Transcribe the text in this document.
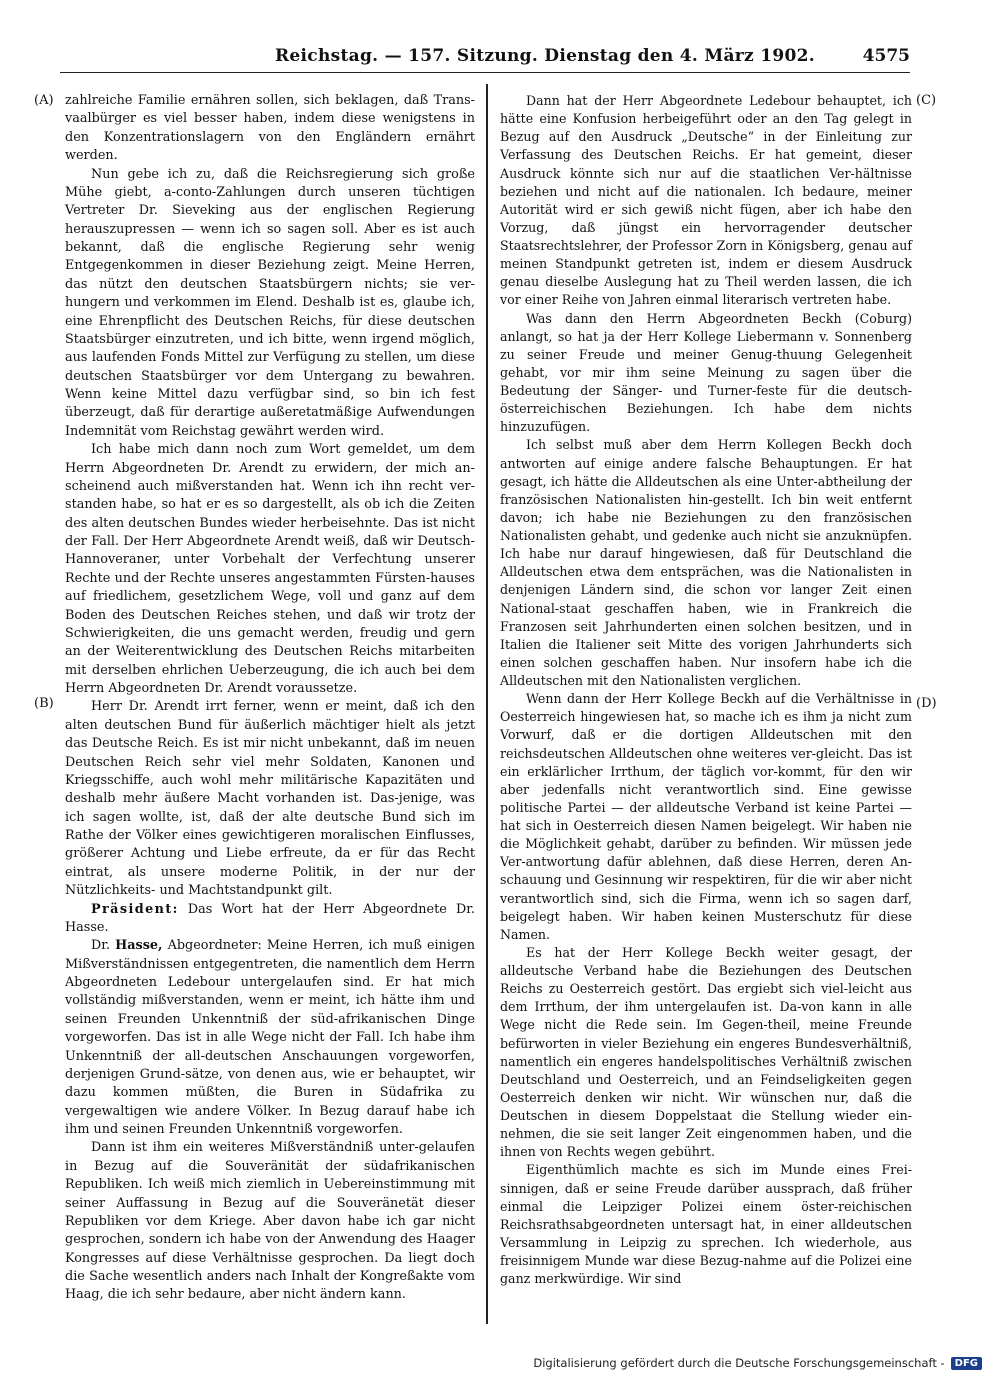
Reichstag. — 157. Sitzung. Dienstag den 4. März 1902.	4575
(A)
(B)
(C)
(D)

zahlreiche Familie ernähren sollen, sich beklagen, daß Trans-vaalbürger es viel besser haben, indem diese wenigstens in den Konzentrationslagern von den Engländern ernährt werden.

Nun gebe ich zu, daß die Reichsregierung sich große Mühe giebt, a-conto-Zahlungen durch unseren tüchtigen Vertreter Dr. Sieveking aus der englischen Regierung herauszupressen — wenn ich so sagen soll. Aber es ist auch bekannt, daß die englische Regierung sehr wenig Entgegenkommen in dieser Beziehung zeigt. Meine Herren, das nützt den deutschen Staatsbürgern nichts; sie ver-hungern und verkommen im Elend. Deshalb ist es, glaube ich, eine Ehrenpflicht des Deutschen Reichs, für diese deutschen Staatsbürger einzutreten, und ich bitte, wenn irgend möglich, aus laufenden Fonds Mittel zur Verfügung zu stellen, um diese deutschen Staatsbürger vor dem Untergang zu bewahren. Wenn keine Mittel dazu verfügbar sind, so bin ich fest überzeugt, daß für derartige außeretatmäßige Aufwendungen Indemnität vom Reichstag gewährt werden wird.

Ich habe mich dann noch zum Wort gemeldet, um dem Herrn Abgeordneten Dr. Arendt zu erwidern, der mich an-scheinend auch mißverstanden hat. Wenn ich ihn recht ver-standen habe, so hat er es so dargestellt, als ob ich die Zeiten des alten deutschen Bundes wieder herbeisehnte. Das ist nicht der Fall. Der Herr Abgeordnete Arendt weiß, daß wir Deutsch-Hannoveraner, unter Vorbehalt der Verfechtung unserer Rechte und der Rechte unseres angestammten Fürsten-hauses auf friedlichem, gesetzlichem Wege, voll und ganz auf dem Boden des Deutschen Reiches stehen, und daß wir trotz der Schwierigkeiten, die uns gemacht werden, freudig und gern an der Weiterentwicklung des Deutschen Reichs mitarbeiten mit derselben ehrlichen Ueberzeugung, die ich auch bei dem Herrn Abgeordneten Dr. Arendt voraussetze.

Herr Dr. Arendt irrt ferner, wenn er meint, daß ich den alten deutschen Bund für äußerlich mächtiger hielt als jetzt das Deutsche Reich. Es ist mir nicht unbekannt, daß im neuen Deutschen Reich sehr viel mehr Soldaten, Kanonen und Kriegsschiffe, auch wohl mehr militärische Kapazitäten und deshalb mehr äußere Macht vorhanden ist. Das-jenige, was ich sagen wollte, ist, daß der alte deutsche Bund sich im Rathe der Völker eines gewichtigeren moralischen Einflusses, größerer Achtung und Liebe erfreute, da er für das Recht eintrat, als unsere moderne Politik, in der nur der Nützlichkeits- und Machtstandpunkt gilt.

Präsident: Das Wort hat der Herr Abgeordnete Dr. Hasse.

Dr. Hasse, Abgeordneter: Meine Herren, ich muß einigen Mißverständnissen entgegentreten, die namentlich dem Herrn Abgeordneten Ledebour untergelaufen sind. Er hat mich vollständig mißverstanden, wenn er meint, ich hätte ihm und seinen Freunden Unkenntniß der süd-afrikanischen Dinge vorgeworfen. Das ist in alle Wege nicht der Fall. Ich habe ihm Unkenntniß der all-deutschen Anschauungen vorgeworfen, derjenigen Grund-sätze, von denen aus, wie er behauptet, wir dazu kommen müßten, die Buren in Südafrika zu vergewaltigen wie andere Völker. In Bezug darauf habe ich ihm und seinen Freunden Unkenntniß vorgeworfen.

Dann ist ihm ein weiteres Mißverständniß unter-gelaufen in Bezug auf die Souveränität der südafrikanischen Republiken. Ich weiß mich ziemlich in Uebereinstimmung mit seiner Auffassung in Bezug auf die Souveränetät dieser Republiken vor dem Kriege. Aber davon habe ich gar nicht gesprochen, sondern ich habe von der Anwendung des Haager Kongresses auf diese Verhältnisse gesprochen. Da liegt doch die Sache wesentlich anders nach Inhalt der Kongreßakte vom Haag, die ich sehr bedaure, aber nicht ändern kann.

Dann hat der Herr Abgeordnete Ledebour behauptet, ich hätte eine Konfusion herbeigeführt oder an den Tag gelegt in Bezug auf den Ausdruck „Deutsche“ in der Einleitung zur Verfassung des Deutschen Reichs. Er hat gemeint, dieser Ausdruck könnte sich nur auf die staatlichen Ver-hältnisse beziehen und nicht auf die nationalen. Ich bedaure, meiner Autorität wird er sich gewiß nicht fügen, aber ich habe den Vorzug, daß jüngst ein hervorragender deutscher Staatsrechtslehrer, der Professor Zorn in Königsberg, genau auf meinen Standpunkt getreten ist, indem er diesem Ausdruck genau dieselbe Auslegung hat zu Theil werden lassen, die ich vor einer Reihe von Jahren einmal literarisch vertreten habe.

Was dann den Herrn Abgeordneten Beckh (Coburg) anlangt, so hat ja der Herr Kollege Liebermann v. Sonnenberg zu seiner Freude und meiner Genug-thuung Gelegenheit gehabt, vor mir ihm seine Meinung zu sagen über die Bedeutung der Sänger- und Turner-feste für die deutsch-österreichischen Beziehungen. Ich habe dem nichts hinzuzufügen.

Ich selbst muß aber dem Herrn Kollegen Beckh doch antworten auf einige andere falsche Behauptungen. Er hat gesagt, ich hätte die Alldeutschen als eine Unter-abtheilung der französischen Nationalisten hin-gestellt. Ich bin weit entfernt davon; ich habe nie Beziehungen zu den französischen Nationalisten gehabt, und gedenke auch nicht sie anzuknüpfen. Ich habe nur darauf hingewiesen, daß für Deutschland die Alldeutschen etwa dem entsprächen, was die Nationalisten in denjenigen Ländern sind, die schon vor langer Zeit einen National-staat geschaffen haben, wie in Frankreich die Franzosen seit Jahrhunderten einen solchen besitzen, und in Italien die Italiener seit Mitte des vorigen Jahrhunderts sich einen solchen geschaffen haben. Nur insofern habe ich die Alldeutschen mit den Nationalisten verglichen.

Wenn dann der Herr Kollege Beckh auf die Verhältnisse in Oesterreich hingewiesen hat, so mache ich es ihm ja nicht zum Vorwurf, daß er die dortigen Alldeutschen mit den reichsdeutschen Alldeutschen ohne weiteres ver-gleicht. Das ist ein erklärlicher Irrthum, der täglich vor-kommt, für den wir aber jedenfalls nicht verantwortlich sind. Eine gewisse politische Partei — der alldeutsche Verband ist keine Partei — hat sich in Oesterreich diesen Namen beigelegt. Wir haben nie die Möglichkeit gehabt, darüber zu befinden. Wir müssen jede Ver-antwortung dafür ablehnen, daß diese Herren, deren An-schauung und Gesinnung wir respektiren, für die wir aber nicht verantwortlich sind, sich die Firma, wenn ich so sagen darf, beigelegt haben. Wir haben keinen Musterschutz für diese Namen.

Es hat der Herr Kollege Beckh weiter gesagt, der alldeutsche Verband habe die Beziehungen des Deutschen Reichs zu Oesterreich gestört. Das ergiebt sich viel-leicht aus dem Irrthum, der ihm untergelaufen ist. Da-von kann in alle Wege nicht die Rede sein. Im Gegen-theil, meine Freunde befürworten in vieler Beziehung ein engeres Bundesverhältniß, namentlich ein engeres handelspolitisches Verhältniß zwischen Deutschland und Oesterreich, und an Feindseligkeiten gegen Oesterreich denken wir nicht. Wir wünschen nur, daß die Deutschen in diesem Doppelstaat die Stellung wieder ein-nehmen, die sie seit langer Zeit eingenommen haben, und die ihnen von Rechts wegen gebührt.

Eigenthümlich machte es sich im Munde eines Frei-sinnigen, daß er seine Freude darüber aussprach, daß früher einmal die Leipziger Polizei einem öster-reichischen Reichsrathsabgeordneten untersagt hat, in einer alldeutschen Versammlung in Leipzig zu sprechen. Ich wiederhole, aus freisinnigem Munde war diese Bezug-nahme auf die Polizei eine ganz merkwürdige. Wir sind

Digitalisierung gefördert durch die Deutsche Forschungsgemeinschaft -	DFG
